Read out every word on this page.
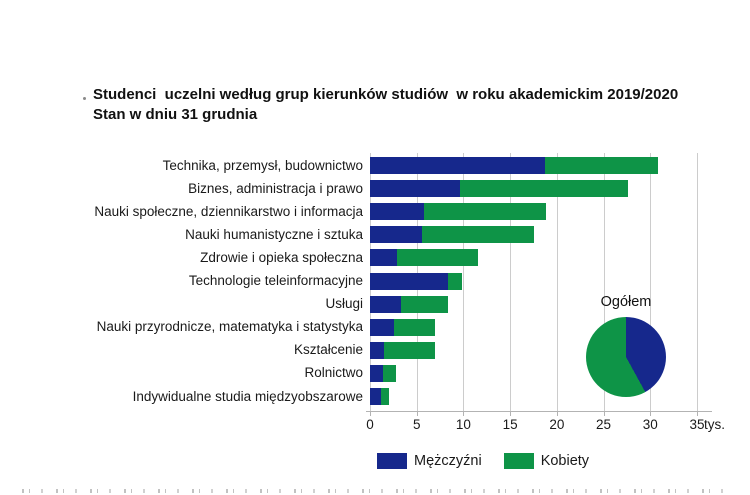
Studenci  uczelni według grup kierunków studiów  w roku akademickim 2019/2020
Stan w dniu 31 grudnia
0	5	10	15	20	25	30	35 tys.
Technika, przemysł, budownictwo
Biznes, administracja i prawo
Nauki społeczne, dziennikarstwo i informacja
Nauki humanistyczne i sztuka
Zdrowie i opieka społeczna
Technologie teleinformacyjne
Usługi
Nauki przyrodnicze, matematyka i statystyka
Kształcenie
Rolnictwo
Indywidualne studia międzyobszarowe
Ogółem
Mężczyźni	Kobiety
